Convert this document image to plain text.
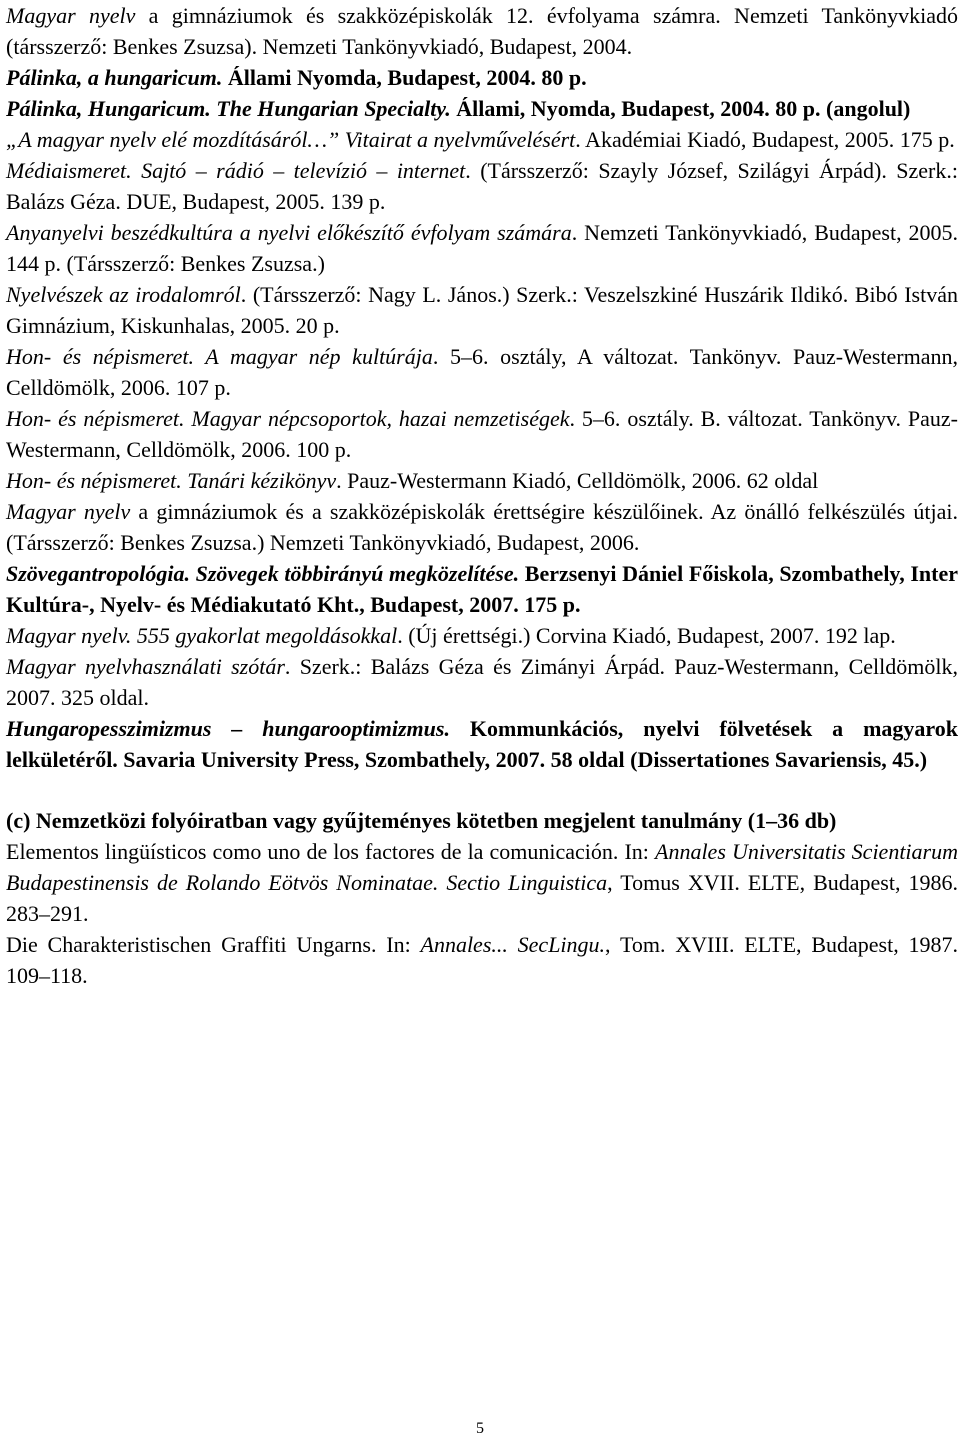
Magyar nyelv a gimnáziumok és szakközépiskolák 12. évfolyama számra. Nemzeti Tankönyvkiadó (társszerző: Benkes Zsuzsa). Nemzeti Tankönyvkiadó, Budapest, 2004.

Pálinka, a hungaricum. Állami Nyomda, Budapest, 2004. 80 p.

Pálinka, Hungaricum. The Hungarian Specialty. Állami, Nyomda, Budapest, 2004. 80 p. (angolul)

„A magyar nyelv elé mozdításáról…” Vitairat a nyelvművelésért. Akadémiai Kiadó, Budapest, 2005. 175 p.

Médiaismeret. Sajtó – rádió – televízió – internet. (Társszerző: Szayly József, Szilágyi Árpád). Szerk.: Balázs Géza. DUE, Budapest, 2005. 139 p.

Anyanyelvi beszédkultúra a nyelvi előkészítő évfolyam számára. Nemzeti Tankönyvkiadó, Budapest, 2005. 144 p. (Társszerző: Benkes Zsuzsa.)

Nyelvészek az irodalomról. (Társszerző: Nagy L. János.) Szerk.: Veszelszkiné Huszárik Ildikó. Bibó István Gimnázium, Kiskunhalas, 2005. 20 p.

Hon- és népismeret. A magyar nép kultúrája. 5–6. osztály, A változat. Tankönyv. Pauz-Westermann, Celldömölk, 2006. 107 p.

Hon- és népismeret. Magyar népcsoportok, hazai nemzetiségek. 5–6. osztály. B. változat. Tankönyv. Pauz-Westermann, Celldömölk, 2006. 100 p.

Hon- és népismeret. Tanári kézikönyv. Pauz-Westermann Kiadó, Celldömölk, 2006. 62 oldal

Magyar nyelv a gimnáziumok és a szakközépiskolák érettségire készülőinek. Az önálló felkészülés útjai. (Társszerző: Benkes Zsuzsa.) Nemzeti Tankönyvkiadó, Budapest, 2006.

Szövegantropológia. Szövegek többirányú megközelítése. Berzsenyi Dániel Főiskola, Szombathely, Inter Kultúra-, Nyelv- és Médiakutató Kht., Budapest, 2007. 175 p.

Magyar nyelv. 555 gyakorlat megoldásokkal. (Új érettségi.) Corvina Kiadó, Budapest, 2007. 192 lap.

Magyar nyelvhasználati szótár. Szerk.: Balázs Géza és Zimányi Árpád. Pauz-Westermann, Celldömölk, 2007. 325 oldal.

Hungaropesszimizmus – hungarooptimizmus. Kommunkációs, nyelvi fölvetések a magyarok lelkületéről. Savaria University Press, Szombathely, 2007. 58 oldal (Dissertationes Savariensis, 45.)

(c) Nemzetközi folyóiratban vagy gyűjteményes kötetben megjelent tanulmány (1–36 db)

Elementos lingüísticos como uno de los factores de la comunicación. In: Annales Universitatis Scientiarum Budapestinensis de Rolando Eötvös Nominatae. Sectio Linguistica, Tomus XVII. ELTE, Budapest, 1986. 283–291.

Die Charakteristischen Graffiti Ungarns. In: Annales... SecLingu., Tom. XVIII. ELTE, Budapest, 1987. 109–118.

5
